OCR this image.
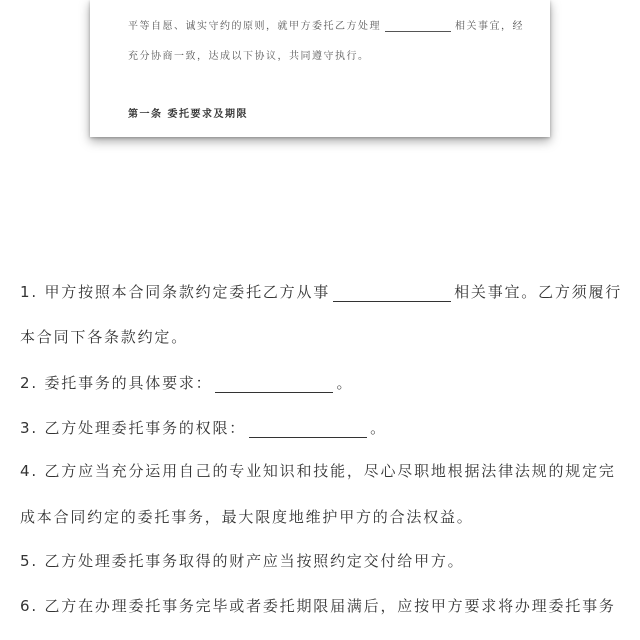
平等自愿、诚实守约的原则，就甲方委托乙方处理	相关事宜，经
充分协商一致，达成以下协议，共同遵守执行。
第一条 委托要求及期限
1. 甲方按照本合同条款约定委托乙方从事	相关事宜。乙方须履行
本合同下各条款约定。
2. 委托事务的具体要求：	。
3. 乙方处理委托事务的权限：	。
4. 乙方应当充分运用自己的专业知识和技能，尽心尽职地根据法律法规的规定完
成本合同约定的委托事务，最大限度地维护甲方的合法权益。
5. 乙方处理委托事务取得的财产应当按照约定交付给甲方。
6. 乙方在办理委托事务完毕或者委托期限届满后，应按甲方要求将办理委托事务
